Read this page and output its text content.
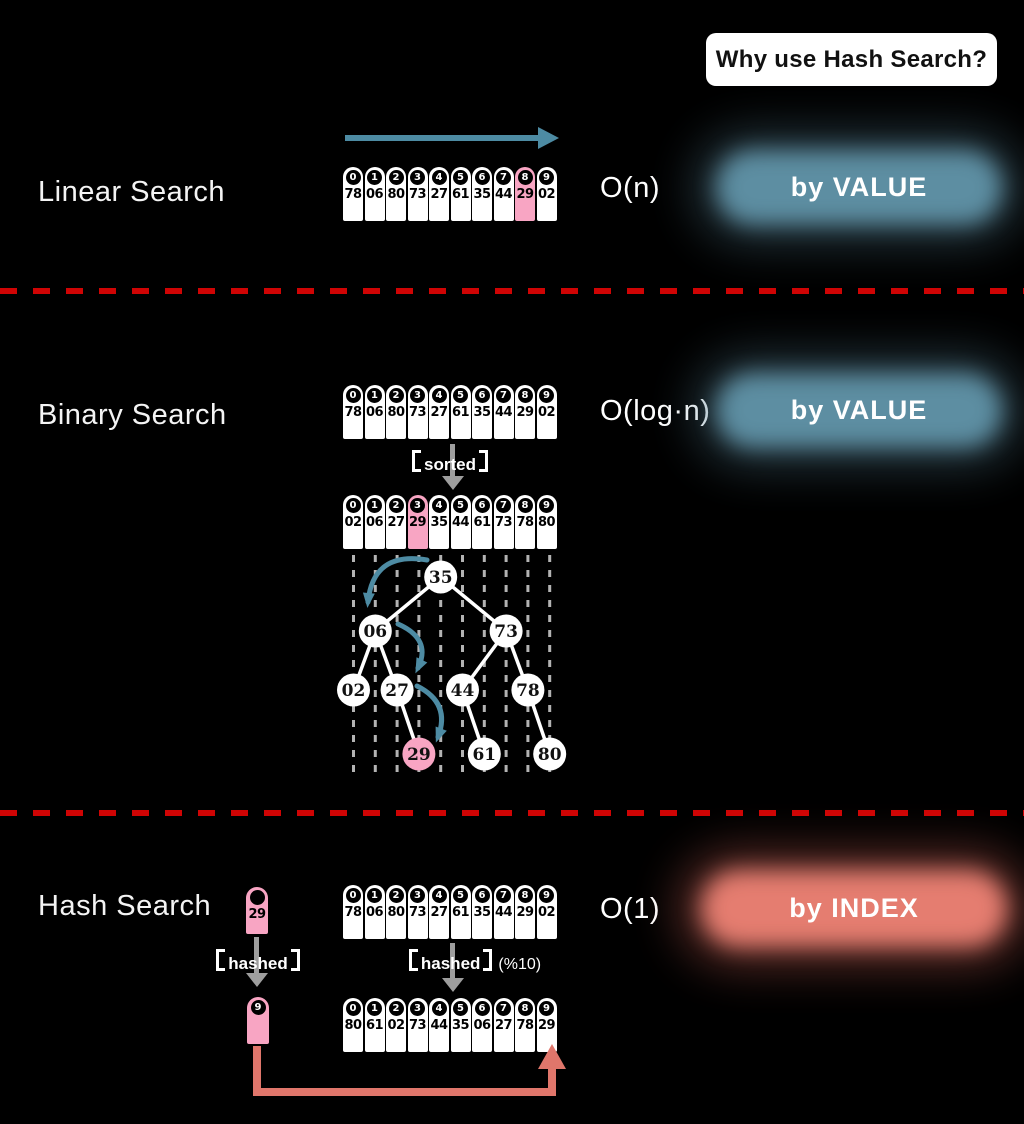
Why use Hash Search?
Linear Search	0
78
1
06
2
80
3
73
4
27
5
61
6
35
7
44
8
29
9
02 O(n)	by VALUE
Binary Search
0
78
1
06
2
80
3
73
4
27
5
61
6
35
7
44
8
29
9
02
sorted
0
02
1
06
2
27
3
29
4
35
5
44
6
61
7
73
8
78
9
80
35
06	73
02 27 44 78
29 61 80
O(log·n)	by VALUE
Hash Search	29
hashed
9
0
78
1
06
2
80
3
73
4
27
5
61
6
35
7
44
8
29
9
02
hashed (%10)
0
80
1
61
2
02
3
73
4
44
5
35
6
06
7
27
8
78
9
29
O(1)	by INDEX
